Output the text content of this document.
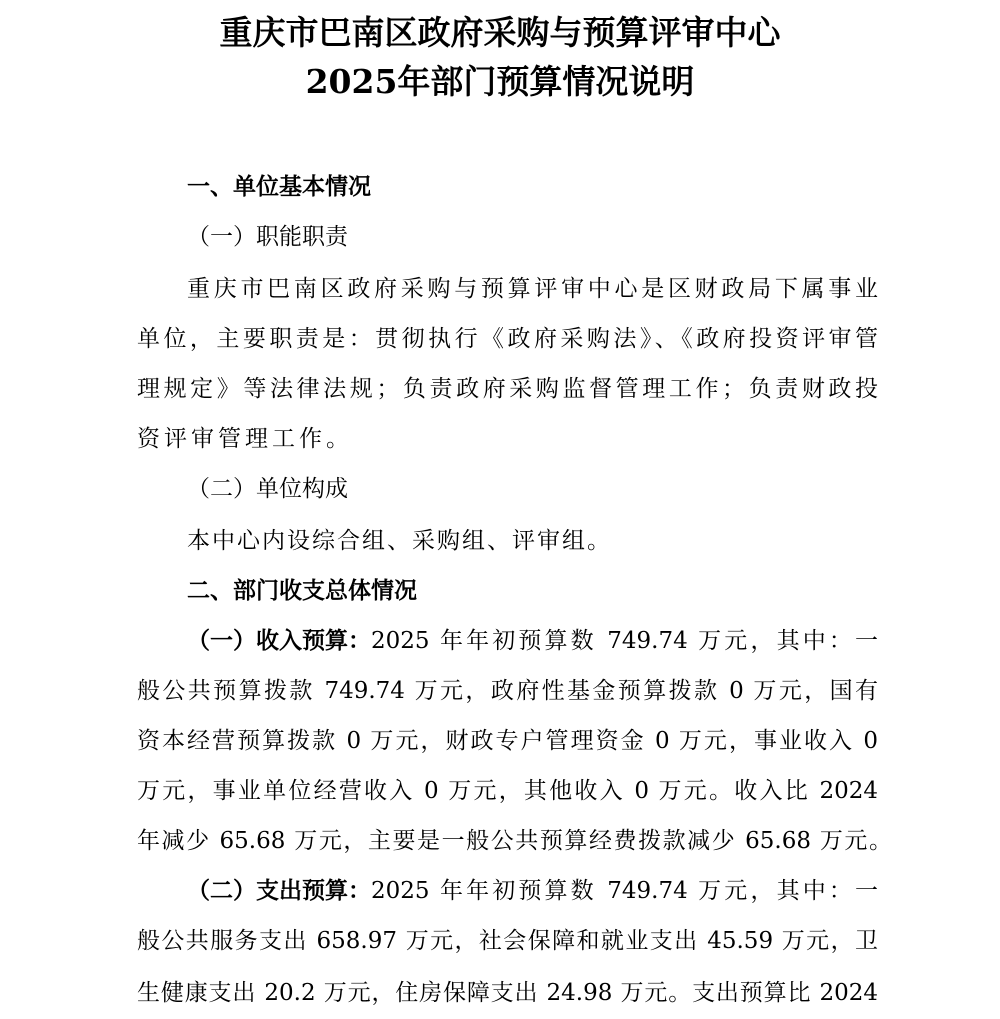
重庆市巴南区政府采购与预算评审中心
2025年部门预算情况说明
一、单位基本情况
（一）职能职责
重庆市巴南区政府采购与预算评审中心是区财政局下属事业
单位，主要职责是：贯彻执行《政府采购法》、《政府投资评审管
理规定》等法律法规；负责政府采购监督管理工作；负责财政投
资评审管理工作。
（二）单位构成
本中心内设综合组、采购组、评审组。
二、部门收支总体情况
（一）收入预算： 2025 年年初预算数 749.74 万元，其中：一
般公共预算拨款 749.74 万元，政府性基金预算拨款 0 万元，国有
资本经营预算拨款 0 万元，财政专户管理资金 0 万元，事业收入 0
万元，事业单位经营收入 0 万元，其他收入 0 万元。收入比 2024
年减少 65.68 万元，主要是一般公共预算经费拨款减少 65.68 万元。
（二）支出预算： 2025 年年初预算数 749.74 万元，其中：一
般公共服务支出 658.97 万元，社会保障和就业支出 45.59 万元，卫
生健康支出 20.2 万元，住房保障支出 24.98 万元。支出预算比 2024
